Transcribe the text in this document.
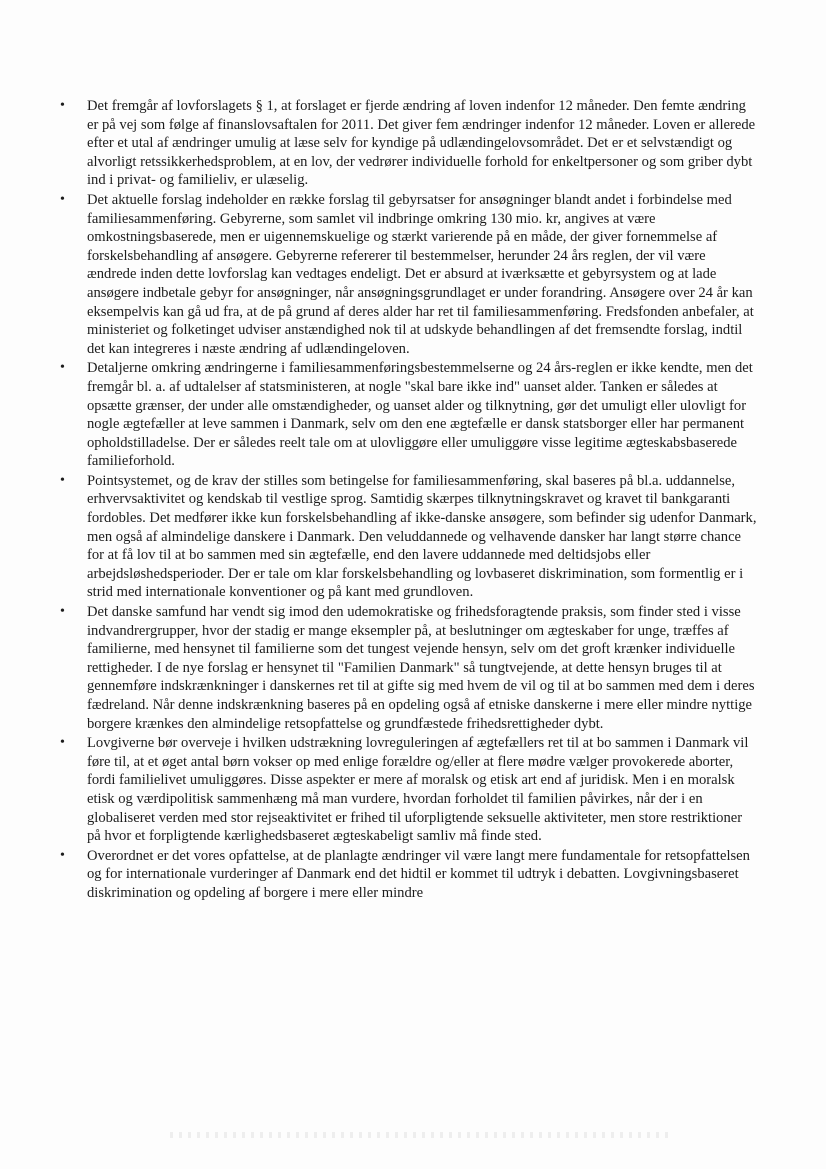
• Det fremgår af lovforslagets § 1, at forslaget er fjerde ændring af loven indenfor 12 måneder. Den femte ændring er på vej som følge af finanslovsaftalen for 2011. Det giver fem ændringer indenfor 12 måneder. Loven er allerede efter et utal af ændringer umulig at læse selv for kyndige på udlændingelovsområdet. Det er et selvstændigt og alvorligt retssikkerhedsproblem, at en lov, der vedrører individuelle forhold for enkeltpersoner og som griber dybt ind i privat- og familieliv, er ulæselig.
• Det aktuelle forslag indeholder en række forslag til gebyrsatser for ansøgninger blandt andet i forbindelse med familiesammenføring. Gebyrerne, som samlet vil indbringe omkring 130 mio. kr, angives at være omkostningsbaserede, men er uigennemskuelige og stærkt varierende på en måde, der giver fornemmelse af forskelsbehandling af ansøgere. Gebyrerne refererer til bestemmelser, herunder 24 års reglen, der vil være ændrede inden dette lovforslag kan vedtages endeligt. Det er absurd at iværksætte et gebyrsystem og at lade ansøgere indbetale gebyr for ansøgninger, når ansøgningsgrundlaget er under forandring. Ansøgere over 24 år kan eksempelvis kan gå ud fra, at de på grund af deres alder har ret til familiesammenføring. Fredsfonden anbefaler, at ministeriet og folketinget udviser anstændighed nok til at udskyde behandlingen af det fremsendte forslag, indtil det kan integreres i næste ændring af udlændingeloven.
• Detaljerne omkring ændringerne i familiesammenføringsbestemmelserne og 24 års-reglen er ikke kendte, men det fremgår bl. a. af udtalelser af statsministeren, at nogle "skal bare ikke ind" uanset alder. Tanken er således at opsætte grænser, der under alle omstændigheder, og uanset alder og tilknytning, gør det umuligt eller ulovligt for nogle ægtefæller at leve sammen i Danmark, selv om den ene ægtefælle er dansk statsborger eller har permanent opholdstilladelse. Der er således reelt tale om at ulovliggøre eller umuliggøre visse legitime ægteskabsbaserede familieforhold.
• Pointsystemet, og de krav der stilles som betingelse for familiesammenføring, skal baseres på bl.a. uddannelse, erhvervsaktivitet og kendskab til vestlige sprog. Samtidig skærpes tilknytningskravet og kravet til bankgaranti fordobles. Det medfører ikke kun forskelsbehandling af ikke-danske ansøgere, som befinder sig udenfor Danmark, men også af almindelige danskere i Danmark. Den veluddannede og velhavende dansker har langt større chance for at få lov til at bo sammen med sin ægtefælle, end den lavere uddannede med deltidsjobs eller arbejdsløshedsperioder. Der er tale om klar forskelsbehandling og lovbaseret diskrimination, som formentlig er i strid med internationale konventioner og på kant med grundloven.
• Det danske samfund har vendt sig imod den udemokratiske og frihedsforagtende praksis, som finder sted i visse indvandrergrupper, hvor der stadig er mange eksempler på, at beslutninger om ægteskaber for unge, træffes af familierne, med hensynet til familierne som det tungest vejende hensyn, selv om det groft krænker individuelle rettigheder. I de nye forslag er hensynet til "Familien Danmark" så tungtvejende, at dette hensyn bruges til at gennemføre indskrænkninger i danskernes ret til at gifte sig med hvem de vil og til at bo sammen med dem i deres fædreland. Når denne indskrænkning baseres på en opdeling også af etniske danskerne i mere eller mindre nyttige borgere krænkes den almindelige retsopfattelse og grundfæstede frihedsrettigheder dybt.
• Lovgiverne bør overveje i hvilken udstrækning lovreguleringen af ægtefællers ret til at bo sammen i Danmark vil føre til, at et øget antal børn vokser op med enlige forældre og/eller at flere mødre vælger provokerede aborter, fordi familielivet umuliggøres. Disse aspekter er mere af moralsk og etisk art end af juridisk. Men i en moralsk etisk og værdipolitisk sammenhæng må man vurdere, hvordan forholdet til familien påvirkes, når der i en globaliseret verden med stor rejseaktivitet er frihed til uforpligtende seksuelle aktiviteter, men store restriktioner på hvor et forpligtende kærlighedsbaseret ægteskabeligt samliv må finde sted.
• Overordnet er det vores opfattelse, at de planlagte ændringer vil være langt mere fundamentale for retsopfattelsen og for internationale vurderinger af Danmark end det hidtil er kommet til udtryk i debatten. Lovgivningsbaseret diskrimination og opdeling af borgere i mere eller mindre
